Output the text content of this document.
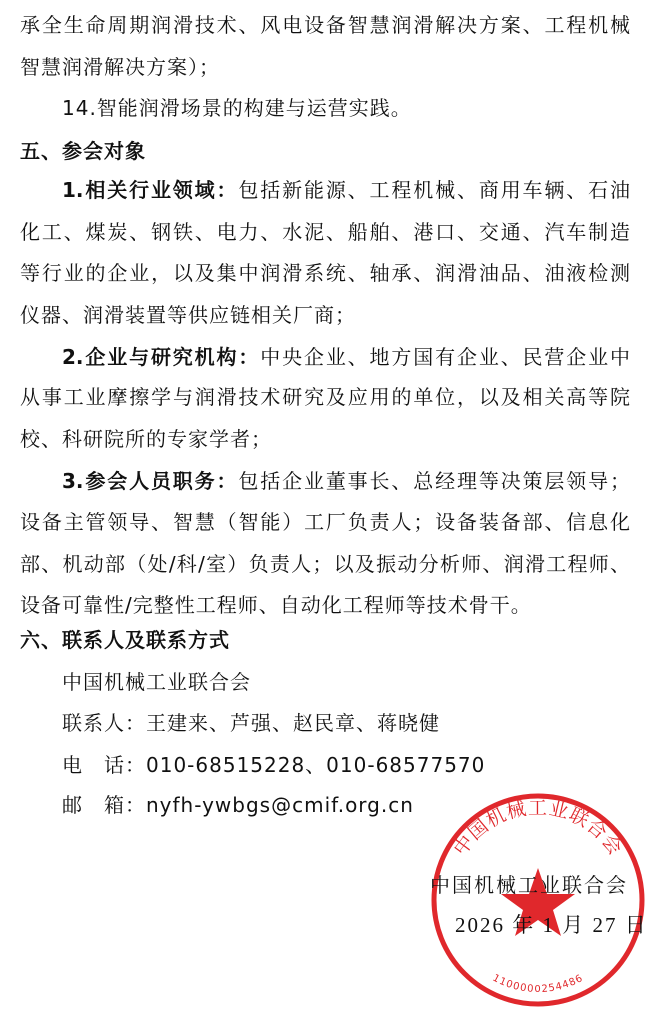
承全生命周期润滑技术、风电设备智慧润滑解决方案、工程机械
智慧润滑解决方案）；
14.智能润滑场景的构建与运营实践。
五、参会对象
1.相关行业领域：包括新能源、工程机械、商用车辆、石油
化工、煤炭、钢铁、电力、水泥、船舶、港口、交通、汽车制造
等行业的企业，以及集中润滑系统、轴承、润滑油品、油液检测
仪器、润滑装置等供应链相关厂商；
2.企业与研究机构：中央企业、地方国有企业、民营企业中
从事工业摩擦学与润滑技术研究及应用的单位，以及相关高等院
校、科研院所的专家学者；
3.参会人员职务：包括企业董事长、总经理等决策层领导；
设备主管领导、智慧（智能）工厂负责人；设备装备部、信息化
部、机动部（处/科/室）负责人；以及振动分析师、润滑工程师、
设备可靠性/完整性工程师、自动化工程师等技术骨干。
六、联系人及联系方式
中国机械工业联合会
联系人：王建来、芦强、赵民章、蒋晓健
电　话：010-68515228、010-68577570
邮　箱：nyfh-ywbgs@cmif.org.cn
中国机械工业联合会
1100000254486
中国机械工业联合会
2026 年 1 月 27 日
